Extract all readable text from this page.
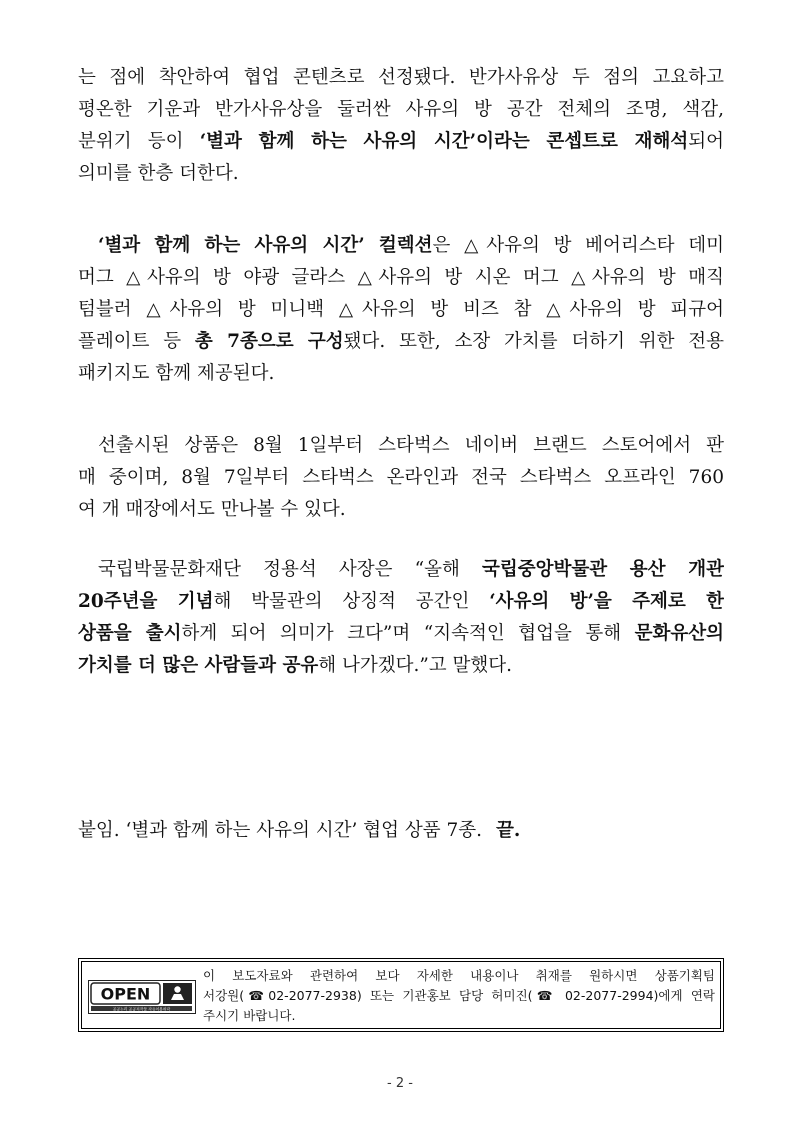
는 점에 착안하여 협업 콘텐츠로 선정됐다. 반가사유상 두 점의 고요하고
평온한 기운과 반가사유상을 둘러싼 사유의 방 공간 전체의 조명, 색감,
분위기 등이 ‘별과 함께 하는 사유의 시간’이라는 콘셉트로 재해석되어
의미를 한층 더한다.
‘별과 함께 하는 사유의 시간’ 컬렉션은 △사유의 방 베어리스타 데미
머그 △사유의 방 야광 글라스 △사유의 방 시온 머그 △사유의 방 매직
텀블러 △사유의 방 미니백 △사유의 방 비즈 참 △사유의 방 피규어
플레이트 등 총 7종으로 구성됐다. 또한, 소장 가치를 더하기 위한 전용
패키지도 함께 제공된다.
선출시된 상품은 8월 1일부터 스타벅스 네이버 브랜드 스토어에서 판
매 중이며, 8월 7일부터 스타벅스 온라인과 전국 스타벅스 오프라인 760
여 개 매장에서도 만나볼 수 있다.
국립박물문화재단 정용석 사장은 “올해 국립중앙박물관 용산 개관
20주년을 기념해 박물관의 상징적 공간인 ‘사유의 방’을 주제로 한
상품을 출시하게 되어 의미가 크다”며 “지속적인 협업을 통해 문화유산의
가치를 더 많은 사람들과 공유해 나가겠다.”고 말했다.
붙임. ‘별과 함께 하는 사유의 시간’ 협업 상품 7종. 끝.
OPEN
공공누리 공공저작물 자유이용허락
이 보도자료와 관련하여 보다 자세한 내용이나 취재를 원하시면 상품기획팀
서강원(☎02-2077-2938) 또는 기관홍보 담당 허미진(☎ 02-2077-2994)에게 연락
주시기 바랍니다.
- 2 -
